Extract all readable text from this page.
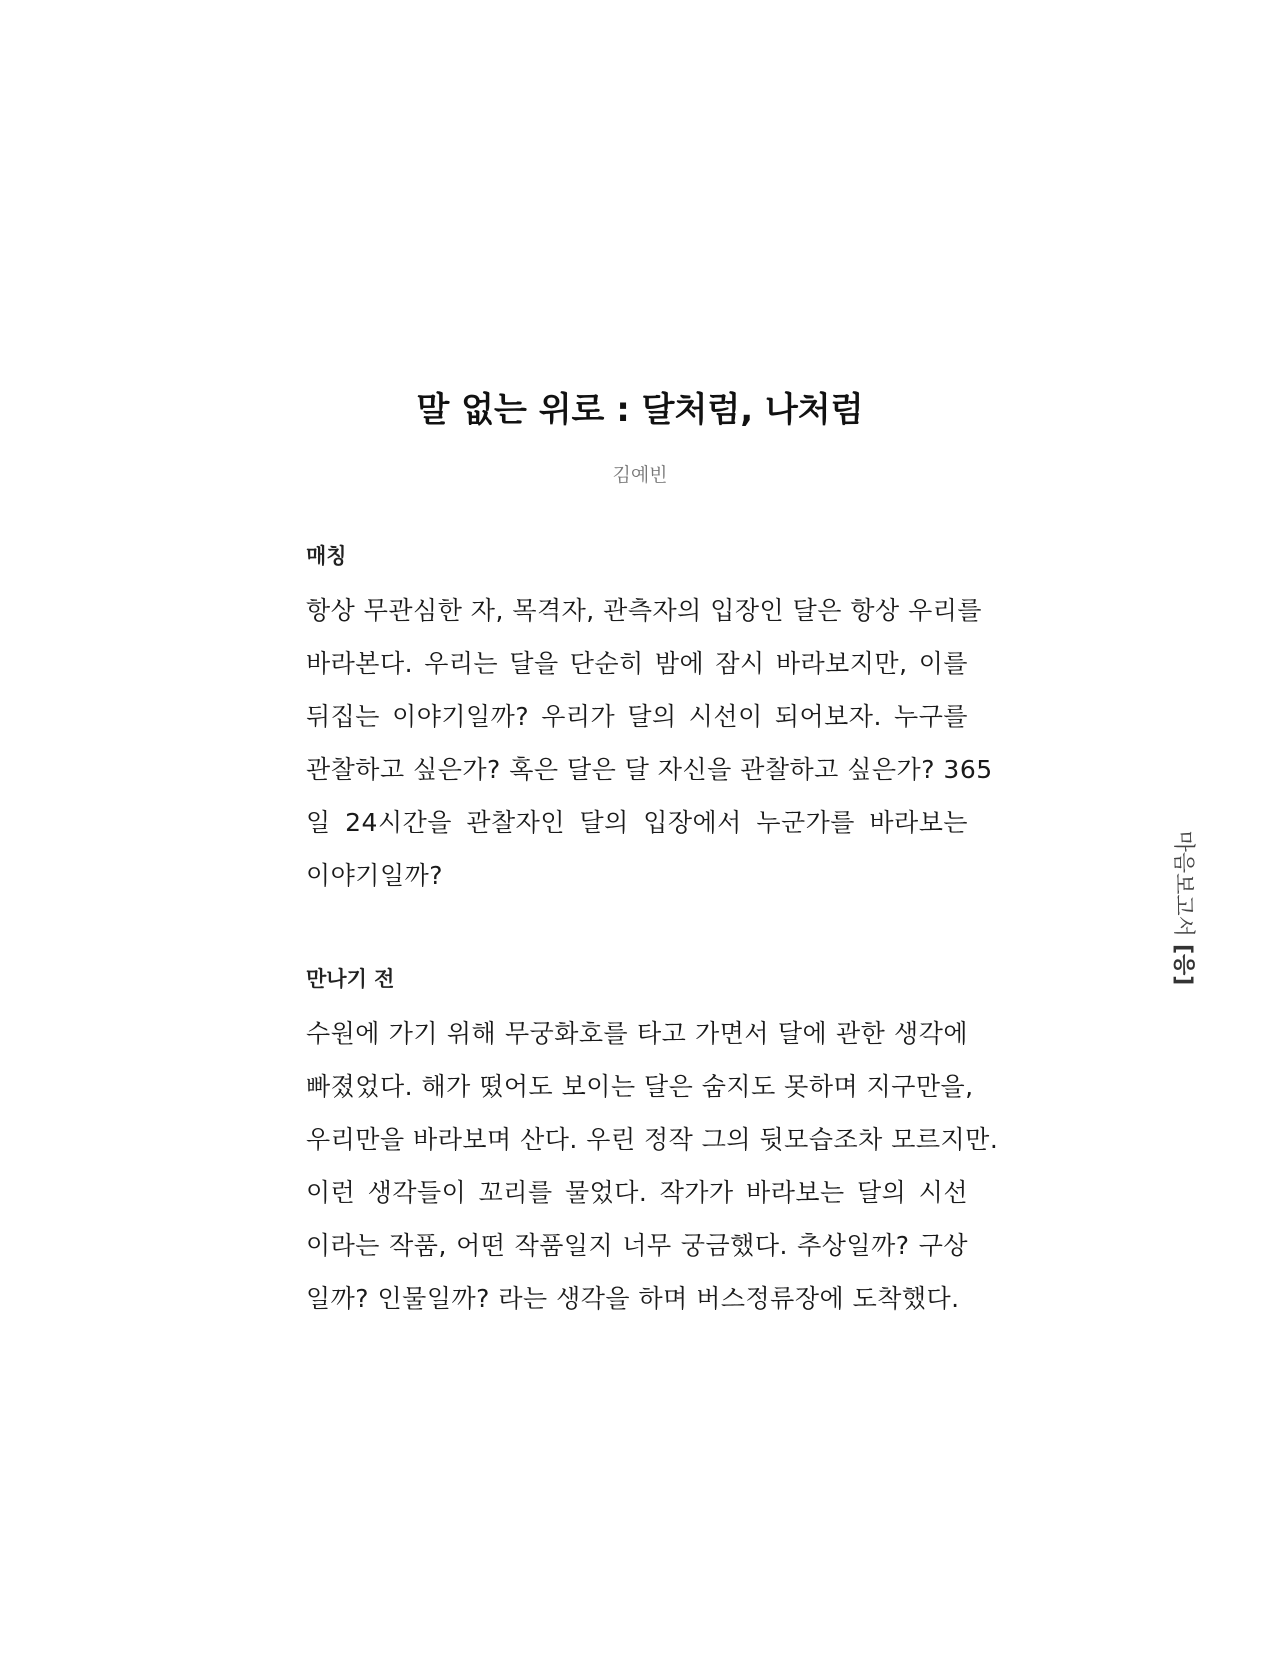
말 없는 위로 : 달처럼, 나처럼
김예빈
매칭
항상 무관심한 자, 목격자, 관측자의 입장인 달은 항상 우리를
바라본다. 우리는 달을 단순히 밤에 잠시 바라보지만, 이를
뒤집는 이야기일까? 우리가 달의 시선이 되어보자. 누구를
관찰하고 싶은가? 혹은 달은 달 자신을 관찰하고 싶은가? 365
일 24시간을 관찰자인 달의 입장에서 누군가를 바라보는
이야기일까?
만나기 전
수원에 가기 위해 무궁화호를 타고 가면서 달에 관한 생각에
빠졌었다. 해가 떴어도 보이는 달은 숨지도 못하며 지구만을,
우리만을 바라보며 산다. 우린 정작 그의 뒷모습조차 모르지만.
이런 생각들이 꼬리를 물었다. 작가가 바라보는 달의 시선
이라는 작품, 어떤 작품일지 너무 궁금했다. 추상일까? 구상
일까? 인물일까? 라는 생각을 하며 버스정류장에 도착했다.
마음보고서 [응]
